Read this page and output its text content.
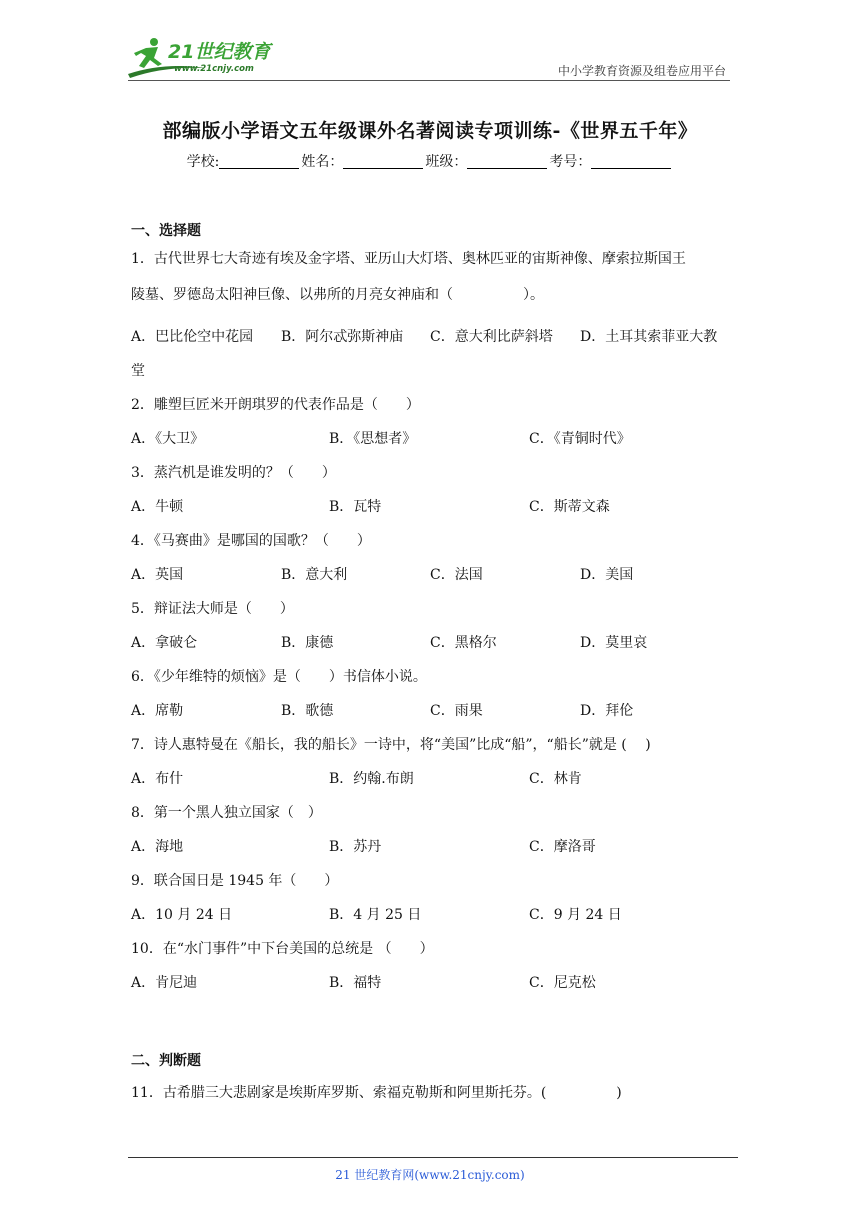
21世纪教育
www.21cnjy.com	中小学教育资源及组卷应用平台
部编版小学语文五年级课外名著阅读专项训练-《世界五千年》
学校:	姓名：	班级：	考号：
一、选择题
1．古代世界七大奇迹有埃及金字塔、亚历山大灯塔、奥林匹亚的宙斯神像、摩索拉斯国王
陵墓、罗德岛太阳神巨像、以弗所的月亮女神庙和（　　　　　）。
A．巴比伦空中花园 B．阿尔忒弥斯神庙 C．意大利比萨斜塔 D．土耳其索菲亚大教
堂
2．雕塑巨匠米开朗琪罗的代表作品是（　　）
A．《大卫》	B．《思想者》	C．《青铜时代》
3．蒸汽机是谁发明的？（　　）
A．牛顿	B．瓦特	C．斯蒂文森
4．《马赛曲》是哪国的国歌？（　　）
A．英国	B．意大利	C．法国	D．美国
5．辩证法大师是（　　）
A．拿破仑	B．康德	C．黑格尔	D．莫里哀
6．《少年维特的烦恼》是（　　）书信体小说。
A．席勒	B．歌德	C．雨果	D．拜伦
7．诗人惠特曼在《船长，我的船长》一诗中，将“美国”比成“船”，“船长”就是 (　 )
A．布什	B．约翰.布朗	C．林肯
8．第一个黑人独立国家（　）
A．海地	B．苏丹	C．摩洛哥
9．联合国日是 1945 年（　　）
A．10 月 24 日	B．4 月 25 日	C．9 月 24 日
10．在“水门事件”中下台美国的总统是 （　　）
A．肯尼迪	B．福特	C．尼克松
二、判断题
11．古希腊三大悲剧家是埃斯库罗斯、索福克勒斯和阿里斯托芬。(　　　　　)
21 世纪教育网(www.21cnjy.com)
